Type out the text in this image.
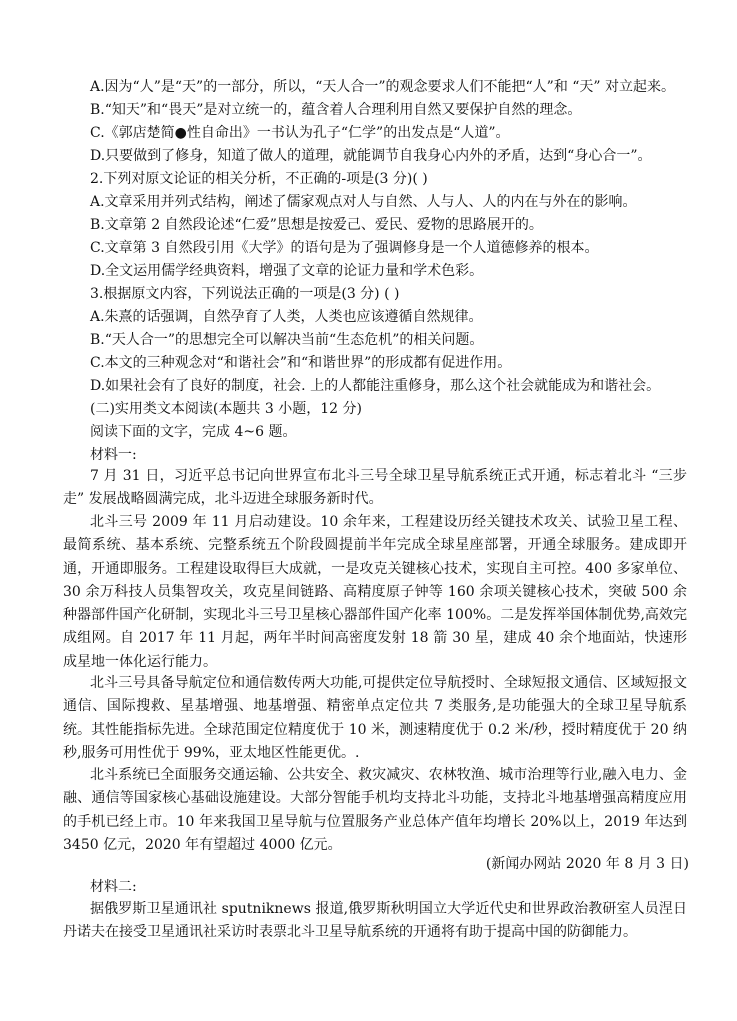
A.因为“人”是“天”的一部分，所以，“天人合一”的观念要求人们不能把“人”和 “天” 对立起来。
B.“知天”和“畏天”是对立统一的，蕴含着人合理利用自然又要保护自然的理念。
C.《郭店楚简●性自命出》一书认为孔子“仁学”的出发点是“人道”。
D.只要做到了修身，知道了做人的道理，就能调节自我身心内外的矛盾，达到“身心合一”。
2.下列对原文论证的相关分析，不正确的-项是(3 分)( )
A.文章采用并列式结构，阐述了儒家观点对人与自然、人与人、人的内在与外在的影响。
B.文章第 2 自然段论述“仁爱”思想是按爱己、爱民、爱物的思路展开的。
C.文章第 3 自然段引用《大学》的语句是为了强调修身是一个人道德修养的根本。
D.全文运用儒学经典资料，增强了文章的论证力量和学术色彩。
3.根据原文内容，下列说法正确的一项是(3 分) ( )
A.朱熹的话强调，自然孕育了人类，人类也应该遵循自然规律。
B.“天人合一”的思想完全可以解决当前“生态危机”的相关问题。
C.本文的三种观念对“和谐社会”和“和谐世界”的形成都有促进作用。
D.如果社会有了良好的制度，社会. 上的人都能注重修身，那么这个社会就能成为和谐社会。
(二)实用类文本阅读(本题共 3 小题，12 分)
阅读下面的文字，完成 4~6 题。
材料一:
7 月 31 日，习近平总书记向世界宣布北斗三号全球卫星导航系统正式开通，标志着北斗 “三步走” 发展战略圆满完成，北斗迈进全球服务新时代。
北斗三号 2009 年 11 月启动建设。10 余年来，工程建设历经关键技术攻关、试验卫星工程、最简系统、基本系统、完整系统五个阶段圆提前半年完成全球星座部署，开通全球服务。建成即开通，开通即服务。工程建设取得巨大成就，一是攻克关键核心技术，实现自主可控。400 多家单位、30 余万科技人员集智攻关，攻克星间链路、高精度原子钟等 160 余项关键核心技术，突破 500 余种器部件国产化研制，实现北斗三号卫星核心器部件国产化率 100%。二是发挥举国体制优势,高效完成组网。自 2017 年 11 月起，两年半时间高密度发射 18 箭 30 星，建成 40 余个地面站，快速形成星地一体化运行能力。
北斗三号具备导航定位和通信数传两大功能,可提供定位导航授时、全球短报文通信、区域短报文通信、国际搜救、星基增强、地基增强、精密单点定位共 7 类服务,是功能强大的全球卫星导航系统。其性能指标先进。全球范围定位精度优于 10 米，测速精度优于 0.2 米/秒，授时精度优于 20 纳秒,服务可用性优于 99%，亚太地区性能更优。.
北斗系统已全面服务交通运输、公共安全、救灾减灾、农林牧渔、城市治理等行业,融入电力、金融、通信等国家核心基础设施建设。大部分智能手机均支持北斗功能，支持北斗地基增强高精度应用的手机已经上市。10 年来我国卫星导航与位置服务产业总体产值年均增长 20%以上，2019 年达到 3450 亿元，2020 年有望超过 4000 亿元。
(新闻办网站 2020 年 8 月 3 日)
材料二:
据俄罗斯卫星通讯社 sputniknews 报道,俄罗斯秋明国立大学近代史和世界政治教研室人员涅日丹诺夫在接受卫星通讯社采访时表票北斗卫星导航系统的开通将有助于提高中国的防御能力。
